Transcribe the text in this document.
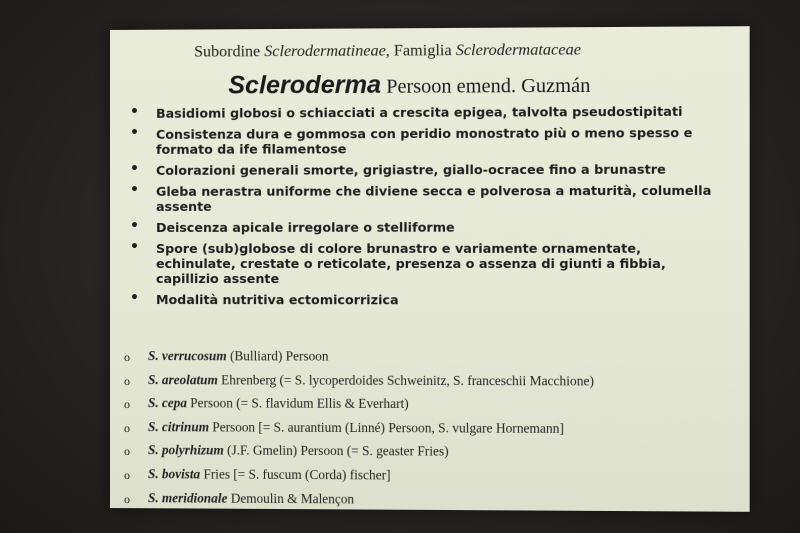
Subordine Sclerodermatineae, Famiglia Sclerodermataceae
Scleroderma Persoon emend. Guzmán
• Basidiomi globosi o schiacciati a crescita epigea, talvolta pseudostipitati
• Consistenza dura e gommosa con peridio monostrato più o meno spesso e formato da ife filamentose
• Colorazioni generali smorte, grigiastre, giallo-ocracee fino a brunastre
• Gleba nerastra uniforme che diviene secca e polverosa a maturità, columella assente
• Deiscenza apicale irregolare o stelliforme
• Spore (sub)globose di colore brunastro e variamente ornamentate, echinulate, crestate o reticolate, presenza o assenza di giunti a fibbia, capillizio assente
• Modalità nutritiva ectomicorrizica
o S. verrucosum (Bulliard) Persoon
o S. areolatum Ehrenberg (= S. lycoperdoides Schweinitz, S. franceschii Macchione)
o S. cepa Persoon (= S. flavidum Ellis & Everhart)
o S. citrinum Persoon [= S. aurantium (Linné) Persoon, S. vulgare Hornemann]
o S. polyrhizum (J.F. Gmelin) Persoon (= S. geaster Fries)
o S. bovista Fries [= S. fuscum (Corda) fischer]
o S. meridionale Demoulin & Malençon
